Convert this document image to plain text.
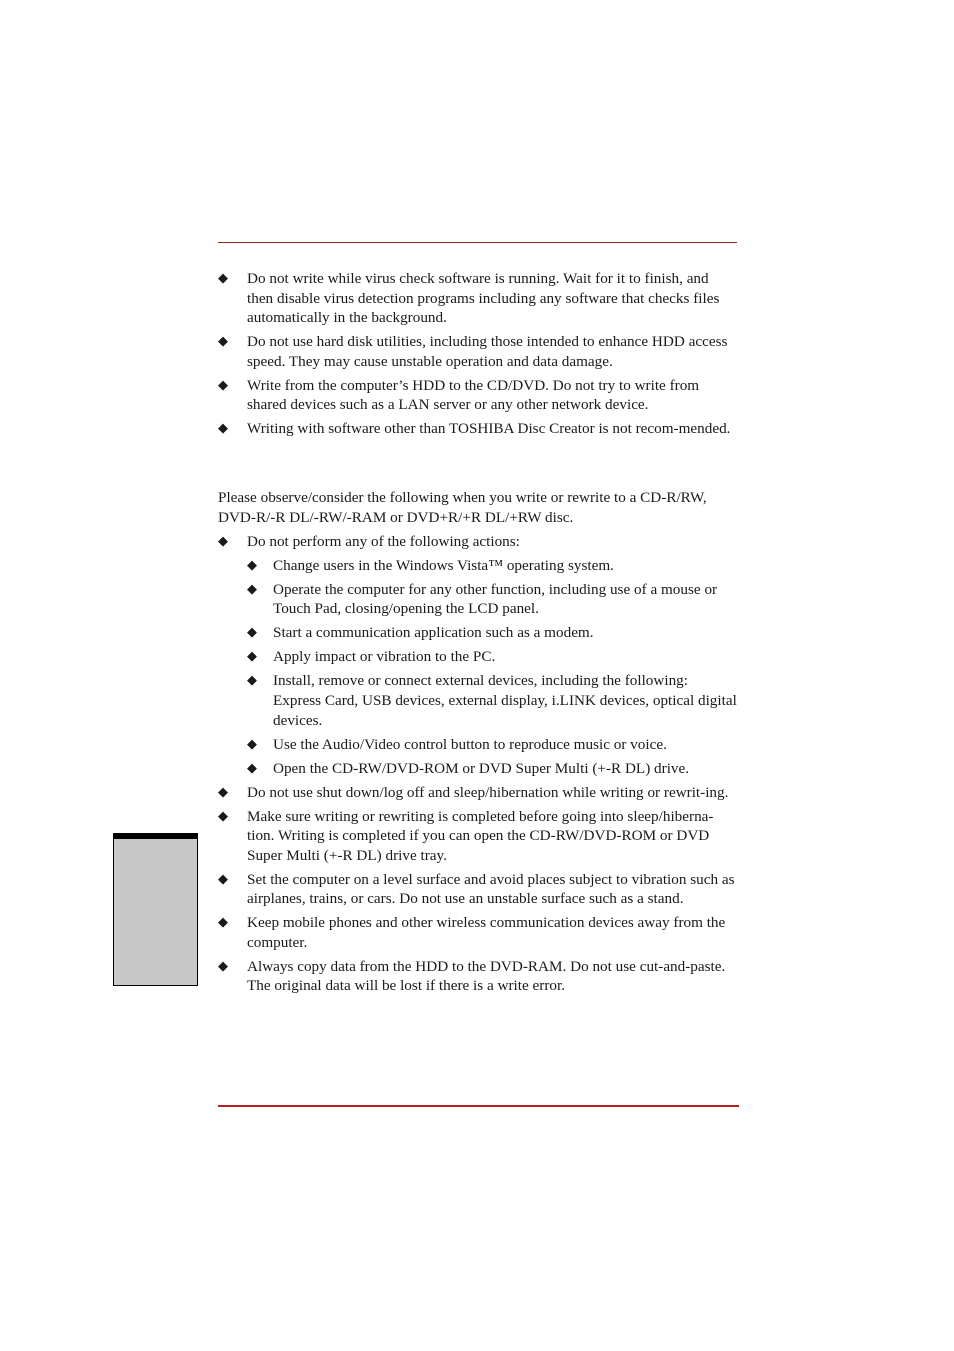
◆ Do not write while virus check software is running. Wait for it to finish, and then disable virus detection programs including any software that checks files automatically in the background.
◆ Do not use hard disk utilities, including those intended to enhance HDD access speed. They may cause unstable operation and data damage.
◆ Write from the computer’s HDD to the CD/DVD. Do not try to write from shared devices such as a LAN server or any other network device.
◆ Writing with software other than TOSHIBA Disc Creator is not recom-mended.

Please observe/consider the following when you write or rewrite to a CD-R/RW, DVD-R/-R DL/-RW/-RAM or DVD+R/+R DL/+RW disc.

◆ Do not perform any of the following actions:
◆ Change users in the Windows Vista™ operating system.
◆ Operate the computer for any other function, including use of a mouse or Touch Pad, closing/opening the LCD panel.
◆ Start a communication application such as a modem.
◆ Apply impact or vibration to the PC.
◆ Install, remove or connect external devices, including the following: Express Card, USB devices, external display, i.LINK devices, optical digital devices.
◆ Use the Audio/Video control button to reproduce music or voice.
◆ Open the CD-RW/DVD-ROM or DVD Super Multi (+-R DL) drive.
◆ Do not use shut down/log off and sleep/hibernation while writing or rewrit-ing.
◆ Make sure writing or rewriting is completed before going into sleep/hiberna-tion. Writing is completed if you can open the CD-RW/DVD-ROM or DVD Super Multi (+-R DL) drive tray.
◆ Set the computer on a level surface and avoid places subject to vibration such as airplanes, trains, or cars. Do not use an unstable surface such as a stand.
◆ Keep mobile phones and other wireless communication devices away from the computer.
◆ Always copy data from the HDD to the DVD-RAM. Do not use cut-and-paste. The original data will be lost if there is a write error.
